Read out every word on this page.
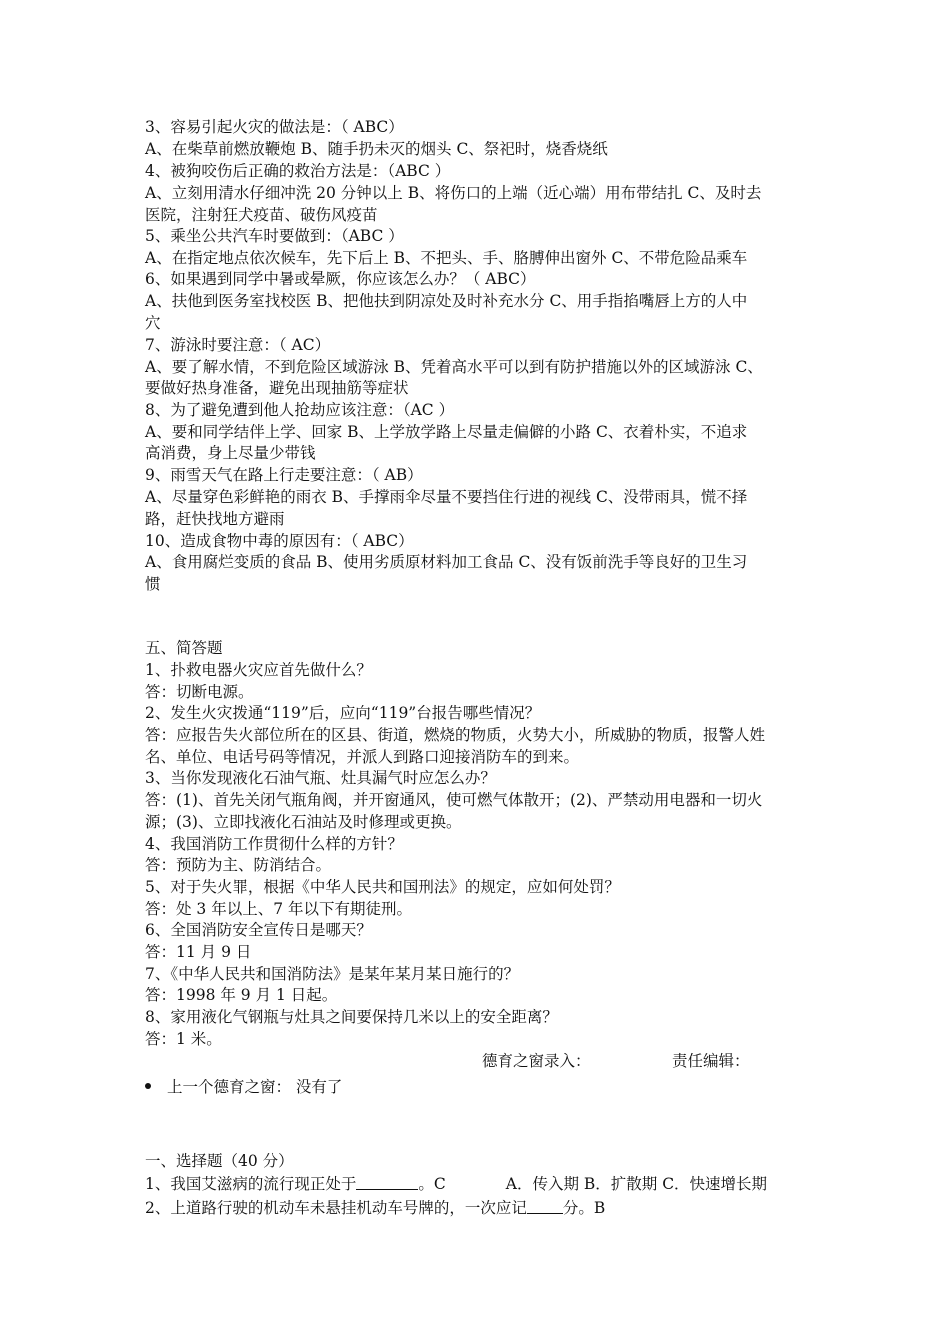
3、容易引起火灾的做法是：（ ABC）
A、在柴草前燃放鞭炮 B、随手扔未灭的烟头 C、祭祀时，烧香烧纸
4、被狗咬伤后正确的救治方法是：（ABC ）
A、立刻用清水仔细冲洗 20 分钟以上 B、将伤口的上端（近心端）用布带结扎 C、及时去
医院，注射狂犬疫苗、破伤风疫苗
5、乘坐公共汽车时要做到：（ABC ）
A、在指定地点依次候车，先下后上 B、不把头、手、胳膊伸出窗外 C、不带危险品乘车
6、如果遇到同学中暑或晕厥，你应该怎么办？（ ABC）
A、扶他到医务室找校医 B、把他扶到阴凉处及时补充水分 C、用手指掐嘴唇上方的人中
穴
7、游泳时要注意：（ AC）
A、要了解水情，不到危险区域游泳 B、凭着高水平可以到有防护措施以外的区域游泳 C、
要做好热身准备，避免出现抽筋等症状
8、为了避免遭到他人抢劫应该注意：（AC ）
A、要和同学结伴上学、回家 B、上学放学路上尽量走偏僻的小路 C、衣着朴实，不追求
高消费，身上尽量少带钱
9、雨雪天气在路上行走要注意：（ AB）
A、尽量穿色彩鲜艳的雨衣 B、手撑雨伞尽量不要挡住行进的视线 C、没带雨具，慌不择
路，赶快找地方避雨
10、造成食物中毒的原因有：（ ABC）
A、食用腐烂变质的食品 B、使用劣质原材料加工食品 C、没有饭前洗手等良好的卫生习
惯
五、简答题
1、扑救电器火灾应首先做什么？
答：切断电源。
2、发生火灾拨通“119”后，应向“119”台报告哪些情况？
答：应报告失火部位所在的区县、街道，燃烧的物质，火势大小，所威胁的物质，报警人姓
名、单位、电话号码等情况，并派人到路口迎接消防车的到来。
3、当你发现液化石油气瓶、灶具漏气时应怎么办？
答：(1)、首先关闭气瓶角阀，并开窗通风，使可燃气体散开；(2)、严禁动用电器和一切火
源；(3)、立即找液化石油站及时修理或更换。
4、我国消防工作贯彻什么样的方针？
答：预防为主、防消结合。
5、对于失火罪，根据《中华人民共和国刑法》的规定，应如何处罚？
答：处 3 年以上、7 年以下有期徒刑。
6、全国消防安全宣传日是哪天？
答：11 月 9 日
7、《中华人民共和国消防法》是某年某月某日施行的？
答：1998 年 9 月 1 日起。
8、家用液化气钢瓶与灶具之间要保持几米以上的安全距离？
答：1 米。
德育之窗录入：	责任编辑：
上一个德育之窗： 没有了
一、选择题（40 分）
1、我国艾滋病的流行现正处于	。C	A．传入期 B．扩散期 C．快速增长期
2、上道路行驶的机动车未悬挂机动车号牌的，一次应记 分。B
